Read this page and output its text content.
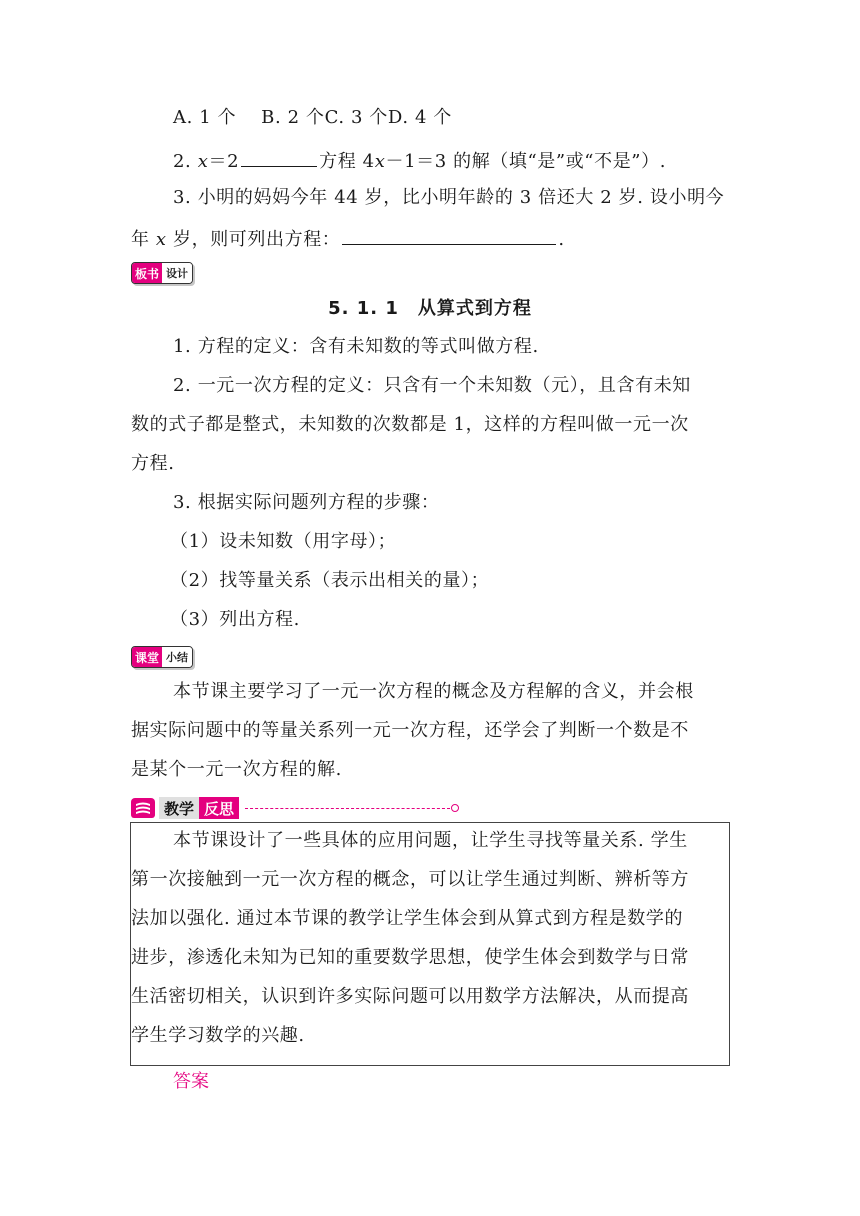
A. 1 个　 B. 2 个C. 3 个D. 4 个
2. x＝2	方程 4x－1＝3 的解（填“是”或“不是”）.
3. 小明的妈妈今年 44 岁，比小明年龄的 3 倍还大 2 岁. 设小明今
年 x 岁，则可列出方程：	.
板书 设计
5. 1. 1　从算式到方程
1. 方程的定义：含有未知数的等式叫做方程.
2. 一元一次方程的定义：只含有一个未知数（元），且含有未知
数的式子都是整式，未知数的次数都是 1，这样的方程叫做一元一次
方程.
3. 根据实际问题列方程的步骤：
（1）设未知数（用字母）；
（2）找等量关系（表示出相关的量）；
（3）列出方程.
课堂 小结
本节课主要学习了一元一次方程的概念及方程解的含义，并会根
据实际问题中的等量关系列一元一次方程，还学会了判断一个数是不
是某个一元一次方程的解.
教学 反思
本节课设计了一些具体的应用问题，让学生寻找等量关系. 学生
第一次接触到一元一次方程的概念，可以让学生通过判断、辨析等方
法加以强化. 通过本节课的教学让学生体会到从算式到方程是数学的
进步，渗透化未知为已知的重要数学思想，使学生体会到数学与日常
生活密切相关，认识到许多实际问题可以用数学方法解决，从而提高
学生学习数学的兴趣.
答案
